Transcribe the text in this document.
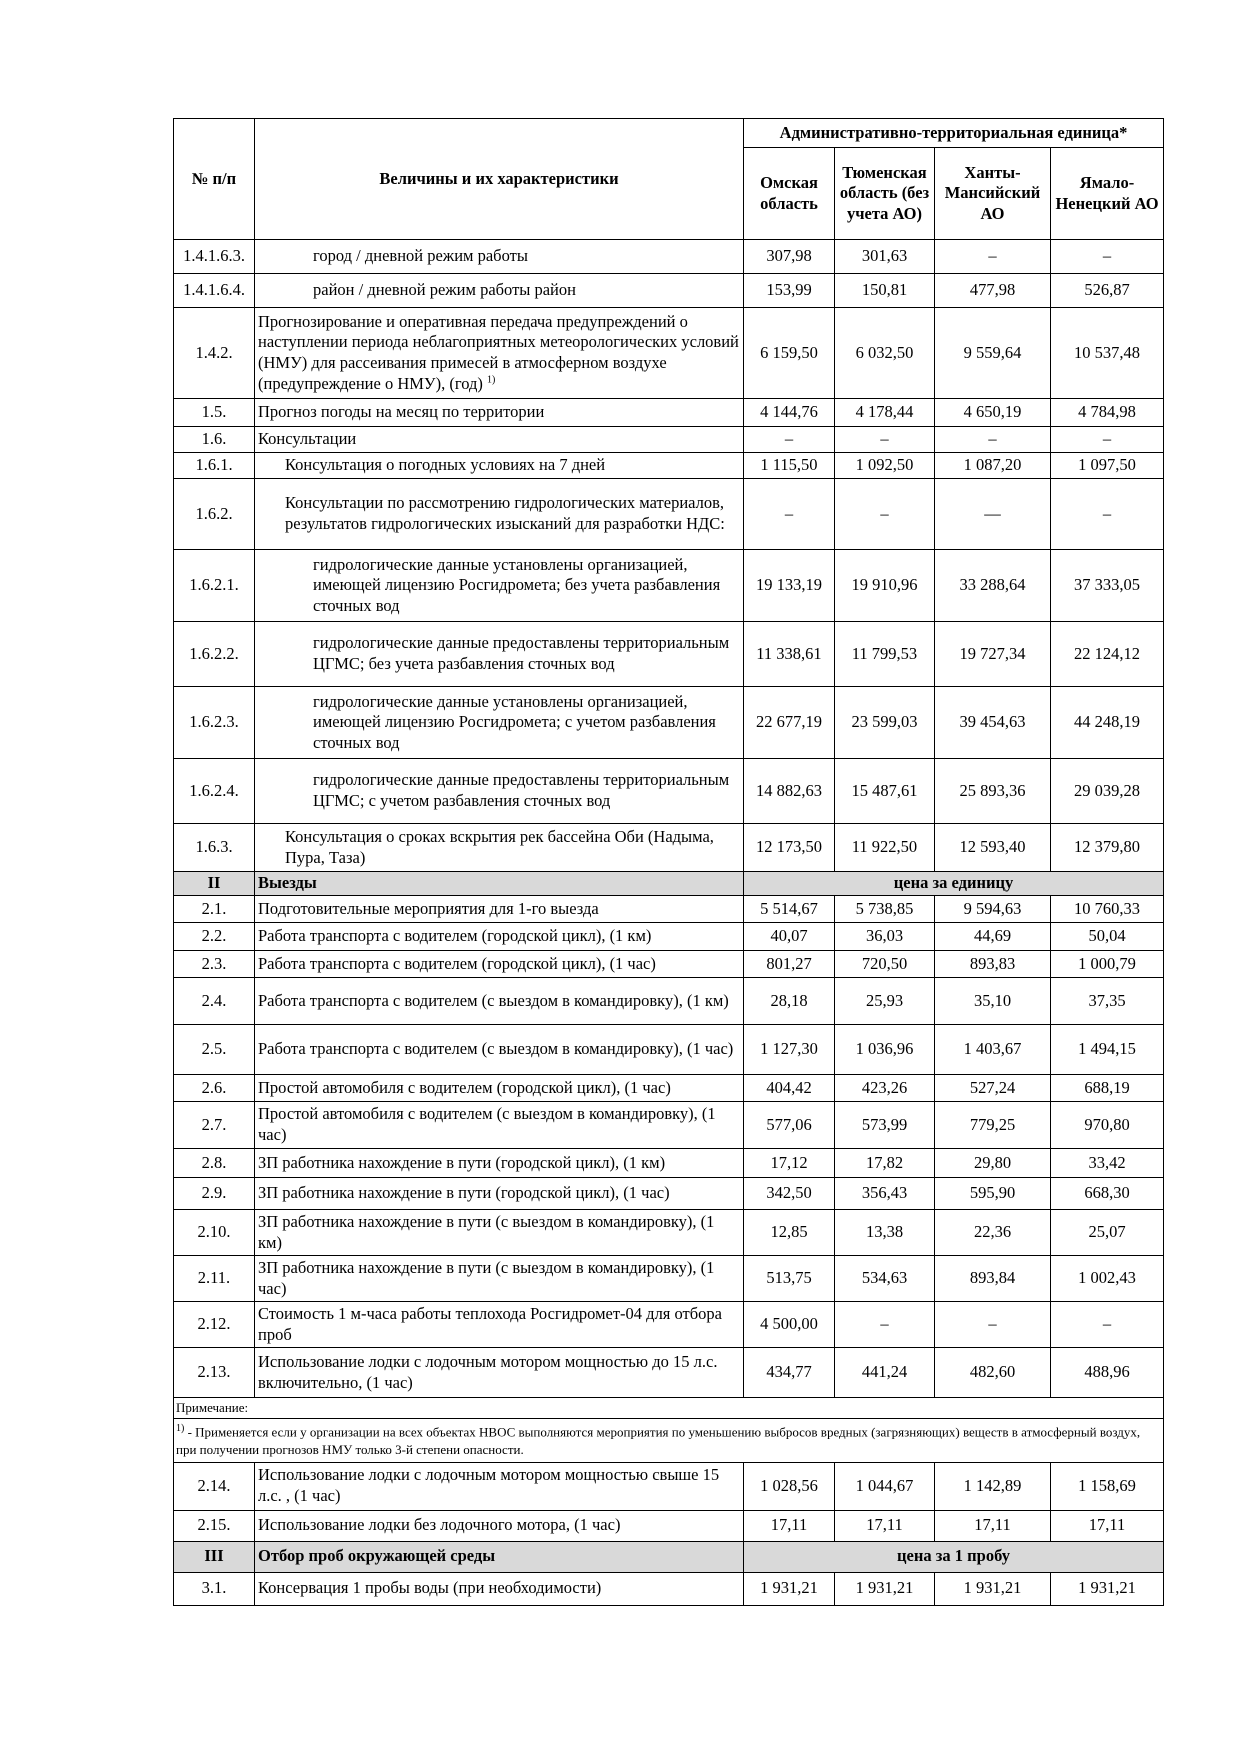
№ п/п	Величины и их характеристики	Административно-территориальная единица*			
		Омская область	Тюменская область (без учета АО)	Ханты-Мансийский АО	Ямало-Ненецкий АО
1.4.1.6.3.	город / дневной режим работы	307,98	301,63	–	–
1.4.1.6.4.	район / дневной режим работы район	153,99	150,81	477,98	526,87
1.4.2.	Прогнозирование и оперативная передача предупреждений о наступлении периода неблагоприятных метеорологических условий (НМУ) для рассеивания примесей в атмосферном воздухе (предупреждение о НМУ), (год) $^{1)}$	6 159,50	6 032,50	9 559,64	10 537,48
1.5.	Прогноз погоды на месяц по территории	4 144,76	4 178,44	4 650,19	4 784,98
1.6.	Консультации	–	–	–	–
1.6.1.	Консультация о погодных условиях на 7 дней	1 115,50	1 092,50	1 087,20	1 097,50
1.6.2.	Консультации по рассмотрению гидрологических материалов, результатов гидрологических изысканий для разработки НДС:	–	–	—	–
1.6.2.1.	гидрологические данные установлены организацией, имеющей лицензию Росгидромета; без учета разбавления сточных вод	19 133,19	19 910,96	33 288,64	37 333,05
1.6.2.2.	гидрологические данные предоставлены территориальным ЦГМС; без учета разбавления сточных вод	11 338,61	11 799,53	19 727,34	22 124,12
1.6.2.3.	гидрологические данные установлены организацией, имеющей лицензию Росгидромета; с учетом разбавления сточных вод	22 677,19	23 599,03	39 454,63	44 248,19
1.6.2.4.	гидрологические данные предоставлены территориальным ЦГМС; с учетом разбавления сточных вод	14 882,63	15 487,61	25 893,36	29 039,28
1.6.3.	Консультация о сроках вскрытия рек бассейна Оби (Надыма, Пура, Таза)	12 173,50	11 922,50	12 593,40	12 379,80
II	Выезды	цена за единицу			
2.1.	Подготовительные мероприятия для 1-го выезда	5 514,67	5 738,85	9 594,63	10 760,33
2.2.	Работа транспорта с водителем (городской цикл), (1 км)	40,07	36,03	44,69	50,04
2.3.	Работа транспорта с водителем (городской цикл), (1 час)	801,27	720,50	893,83	1 000,79
2.4.	Работа транспорта с водителем (с выездом в командировку), (1 км)	28,18	25,93	35,10	37,35
2.5.	Работа транспорта с водителем (с выездом в командировку), (1 час)	1 127,30	1 036,96	1 403,67	1 494,15
2.6.	Простой автомобиля с водителем (городской цикл), (1 час)	404,42	423,26	527,24	688,19
2.7.	Простой автомобиля с водителем (с выездом в командировку), (1 час)	577,06	573,99	779,25	970,80
2.8.	ЗП работника нахождение в пути (городской цикл), (1 км)	17,12	17,82	29,80	33,42
2.9.	ЗП работника нахождение в пути (городской цикл), (1 час)	342,50	356,43	595,90	668,30
2.10.	ЗП работника нахождение в пути (с выездом в командировку), (1 км)	12,85	13,38	22,36	25,07
2.11.	ЗП работника нахождение в пути (с выездом в командировку), (1 час)	513,75	534,63	893,84	1 002,43
2.12.	Стоимость 1 м-часа работы теплохода Росгидромет-04 для отбора проб	4 500,00	–	–	–
2.13.	Использование лодки с лодочным мотором мощностью до 15 л.с. включительно, (1 час)	434,77	441,24	482,60	488,96
Примечание:					
$^{1)}$ - Применяется если у организации на всех объектах НВОС выполняются мероприятия по уменьшению выбросов вредных (загрязняющих) веществ в атмосферный воздух, при получении прогнозов НМУ только 3-й степени опасности.					
2.14.	Использование лодки с лодочным мотором мощностью свыше 15 л.с. , (1 час)	1 028,56	1 044,67	1 142,89	1 158,69
2.15.	Использование лодки без лодочного мотора, (1 час)	17,11	17,11	17,11	17,11
III	Отбор проб окружающей среды	цена за 1 пробу			
3.1.	Консервация 1 пробы воды (при необходимости)	1 931,21	1 931,21	1 931,21	1 931,21
